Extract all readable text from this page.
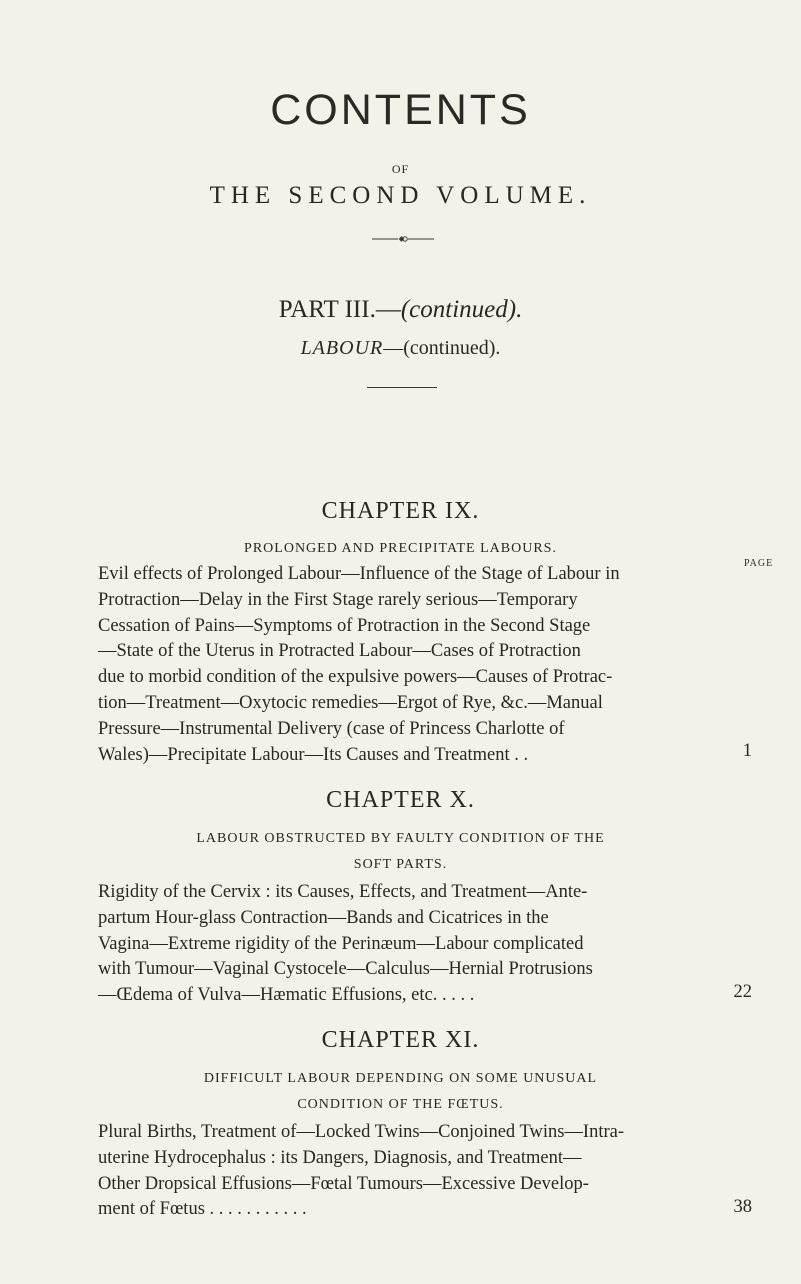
CONTENTS
OF
THE SECOND VOLUME.
PART III.—(continued).
LABOUR—(continued).
CHAPTER IX.
PROLONGED AND PRECIPITATE LABOURS.
PAGE
Evil effects of Prolonged Labour—Influence of the Stage of Labour in
Protraction—Delay in the First Stage rarely serious—Temporary
Cessation of Pains—Symptoms of Protraction in the Second Stage
—State of the Uterus in Protracted Labour—Cases of Protraction
due to morbid condition of the expulsive powers—Causes of Protrac-
tion—Treatment—Oxytocic remedies—Ergot of Rye, &c.—Manual
Pressure—Instrumental Delivery (case of Princess Charlotte of
Wales)—Precipitate Labour—Its Causes and Treatment . .	1
CHAPTER X.
LABOUR OBSTRUCTED BY FAULTY CONDITION OF THE
SOFT PARTS.
Rigidity of the Cervix : its Causes, Effects, and Treatment—Ante-
partum Hour-glass Contraction—Bands and Cicatrices in the
Vagina—Extreme rigidity of the Perinæum—Labour complicated
with Tumour—Vaginal Cystocele—Calculus—Hernial Protrusions
—Œdema of Vulva—Hæmatic Effusions, etc. . . . .	22
CHAPTER XI.
DIFFICULT LABOUR DEPENDING ON SOME UNUSUAL
CONDITION OF THE FŒTUS.
Plural Births, Treatment of—Locked Twins—Conjoined Twins—Intra-
uterine Hydrocephalus : its Dangers, Diagnosis, and Treatment—
Other Dropsical Effusions—Fœtal Tumours—Excessive Develop-
ment of Fœtus . . . . . . . . . . .	38
